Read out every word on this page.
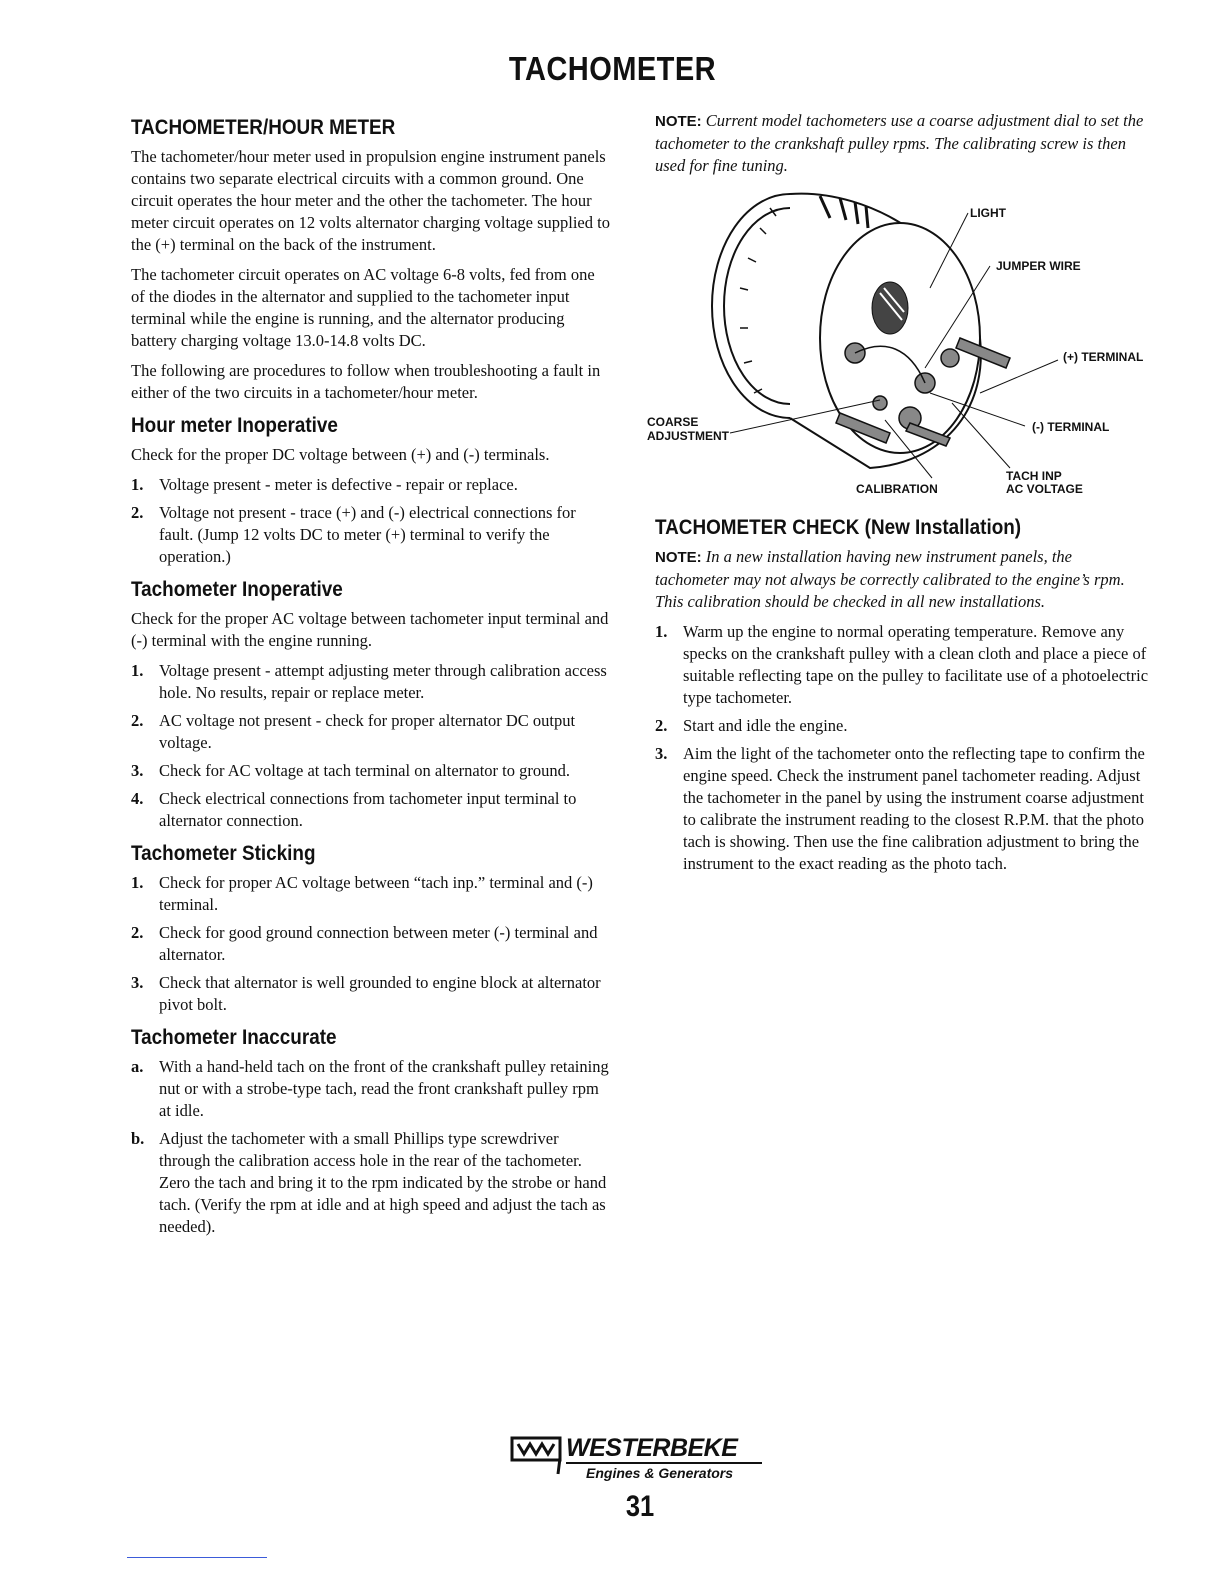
TACHOMETER
TACHOMETER/HOUR METER

The tachometer/hour meter used in propulsion engine instrument panels contains two separate electrical circuits with a common ground. One circuit operates the hour meter and the other the tachometer. The hour meter circuit operates on 12 volts alternator charging voltage supplied to the (+) terminal on the back of the instrument.

The tachometer circuit operates on AC voltage 6-8 volts, fed from one of the diodes in the alternator and supplied to the tachometer input terminal while the engine is running, and the alternator producing battery charging voltage 13.0-14.8 volts DC.

The following are procedures to follow when troubleshooting a fault in either of the two circuits in a tachometer/hour meter.

Hour meter Inoperative

Check for the proper DC voltage between (+) and (-) terminals.

1. Voltage present - meter is defective - repair or replace.
2. Voltage not present - trace (+) and (-) electrical connections for fault. (Jump 12 volts DC to meter (+) terminal to verify the operation.)
Tachometer Inoperative

Check for the proper AC voltage between tachometer input terminal and (-) terminal with the engine running.

1. Voltage present - attempt adjusting meter through calibration access hole. No results, repair or replace meter.
2. AC voltage not present - check for proper alternator DC output voltage.
3. Check for AC voltage at tach terminal on alternator to ground.
4. Check electrical connections from tachometer input terminal to alternator connection.
Tachometer Sticking
1. Check for proper AC voltage between “tach inp.” terminal and (-) terminal.
2. Check for good ground connection between meter (-) terminal and alternator.
3. Check that alternator is well grounded to engine block at alternator pivot bolt.
Tachometer Inaccurate
a. With a hand-held tach on the front of the crankshaft pulley retaining nut or with a strobe-type tach, read the front crankshaft pulley rpm at idle.
b. Adjust the tachometer with a small Phillips type screwdriver through the calibration access hole in the rear of the tachometer. Zero the tach and bring it to the rpm indicated by the strobe or hand tach. (Verify the rpm at idle and at high speed and adjust the tach as needed).

NOTE: Current model tachometers use a coarse adjustment dial to set the tachometer to the crankshaft pulley rpms. The calibrating screw is then used for fine tuning.

LIGHT
JUMPER WIRE
(+) TERMINAL
(-) TERMINAL
COARSE
ADJUSTMENT
CALIBRATION
TACH INP
AC VOLTAGE
TACHOMETER CHECK (New Installation)

NOTE: In a new installation having new instrument panels, the tachometer may not always be correctly calibrated to the engine’s rpm. This calibration should be checked in all new installations.

1. Warm up the engine to normal operating temperature. Remove any specks on the crankshaft pulley with a clean cloth and place a piece of suitable reflecting tape on the pulley to facilitate use of a photoelectric type tachometer.
2. Start and idle the engine.
3. Aim the light of the tachometer onto the reflecting tape to confirm the engine speed. Check the instrument panel tachometer reading. Adjust the tachometer in the panel by using the instrument coarse adjustment to calibrate the instrument reading to the closest R.P.M. that the photo tach is showing. Then use the fine calibration adjustment to bring the instrument to the exact reading as the photo tach.
WESTERBEKE
Engines & Generators
31
